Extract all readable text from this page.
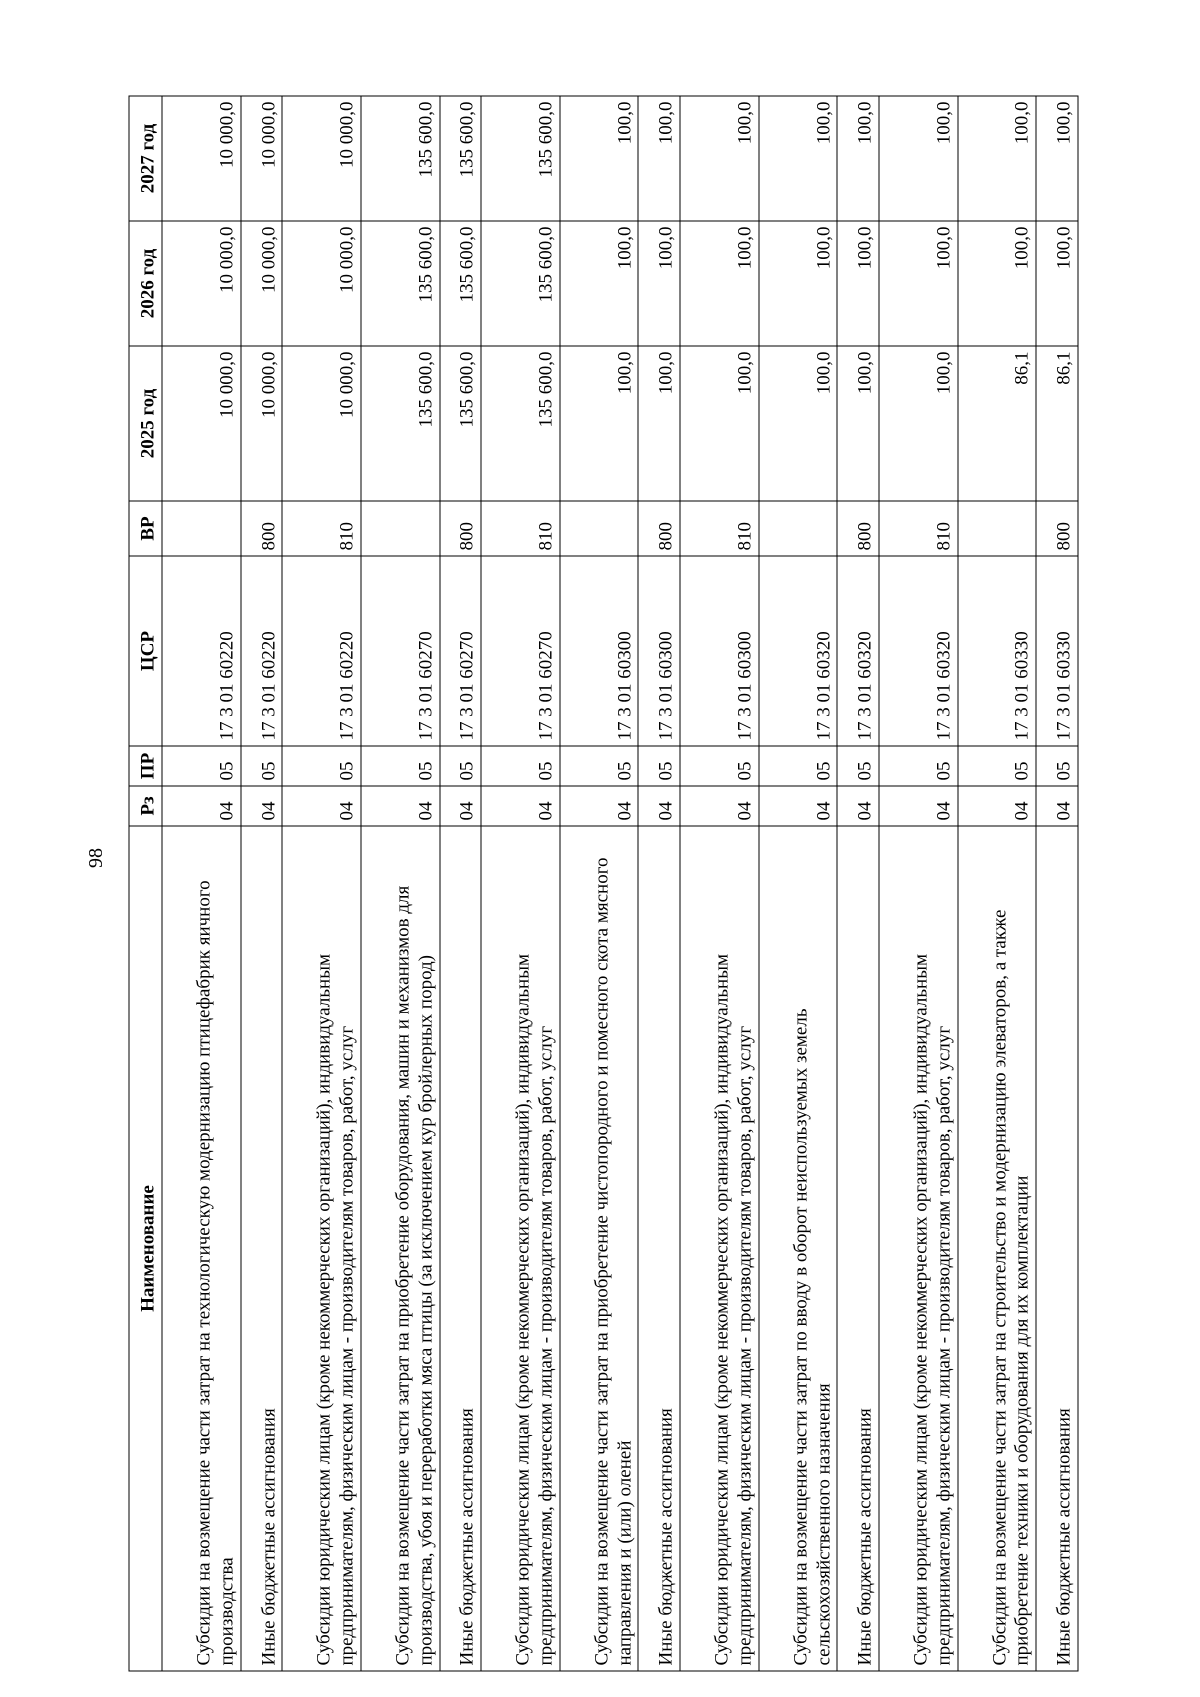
98
Наименование	Рз	ПР	ЦСР	ВР	2025 год	2026 год	2027 год
Субсидии на возмещение части затрат на технологическую модернизацию птицефабрик яичного производства	04	05	17 3 01 60220		10 000,0	10 000,0	10 000,0
Иные бюджетные ассигнования	04	05	17 3 01 60220	800	10 000,0	10 000,0	10 000,0
Субсидии юридическим лицам (кроме некоммерческих организаций), индивидуальным предпринимателям, физическим лицам - производителям товаров, работ, услуг	04	05	17 3 01 60220	810	10 000,0	10 000,0	10 000,0
Субсидии на возмещение части затрат на приобретение оборудования, машин и механизмов для производства, убоя и переработки мяса птицы (за исключением кур бройлерных пород)	04	05	17 3 01 60270		135 600,0	135 600,0	135 600,0
Иные бюджетные ассигнования	04	05	17 3 01 60270	800	135 600,0	135 600,0	135 600,0
Субсидии юридическим лицам (кроме некоммерческих организаций), индивидуальным предпринимателям, физическим лицам - производителям товаров, работ, услуг	04	05	17 3 01 60270	810	135 600,0	135 600,0	135 600,0
Субсидии на возмещение части затрат на приобретение чистопородного и помесного скота мясного направления и (или) оленей	04	05	17 3 01 60300		100,0	100,0	100,0
Иные бюджетные ассигнования	04	05	17 3 01 60300	800	100,0	100,0	100,0
Субсидии юридическим лицам (кроме некоммерческих организаций), индивидуальным предпринимателям, физическим лицам - производителям товаров, работ, услуг	04	05	17 3 01 60300	810	100,0	100,0	100,0
Субсидии на возмещение части затрат по вводу в оборот неиспользуемых земель сельскохозяйственного назначения	04	05	17 3 01 60320		100,0	100,0	100,0
Иные бюджетные ассигнования	04	05	17 3 01 60320	800	100,0	100,0	100,0
Субсидии юридическим лицам (кроме некоммерческих организаций), индивидуальным предпринимателям, физическим лицам - производителям товаров, работ, услуг	04	05	17 3 01 60320	810	100,0	100,0	100,0
Субсидии на возмещение части затрат на строительство и модернизацию элеваторов, а также приобретение техники и оборудования для их комплектации	04	05	17 3 01 60330		86,1	100,0	100,0
Иные бюджетные ассигнования	04	05	17 3 01 60330	800	86,1	100,0	100,0
